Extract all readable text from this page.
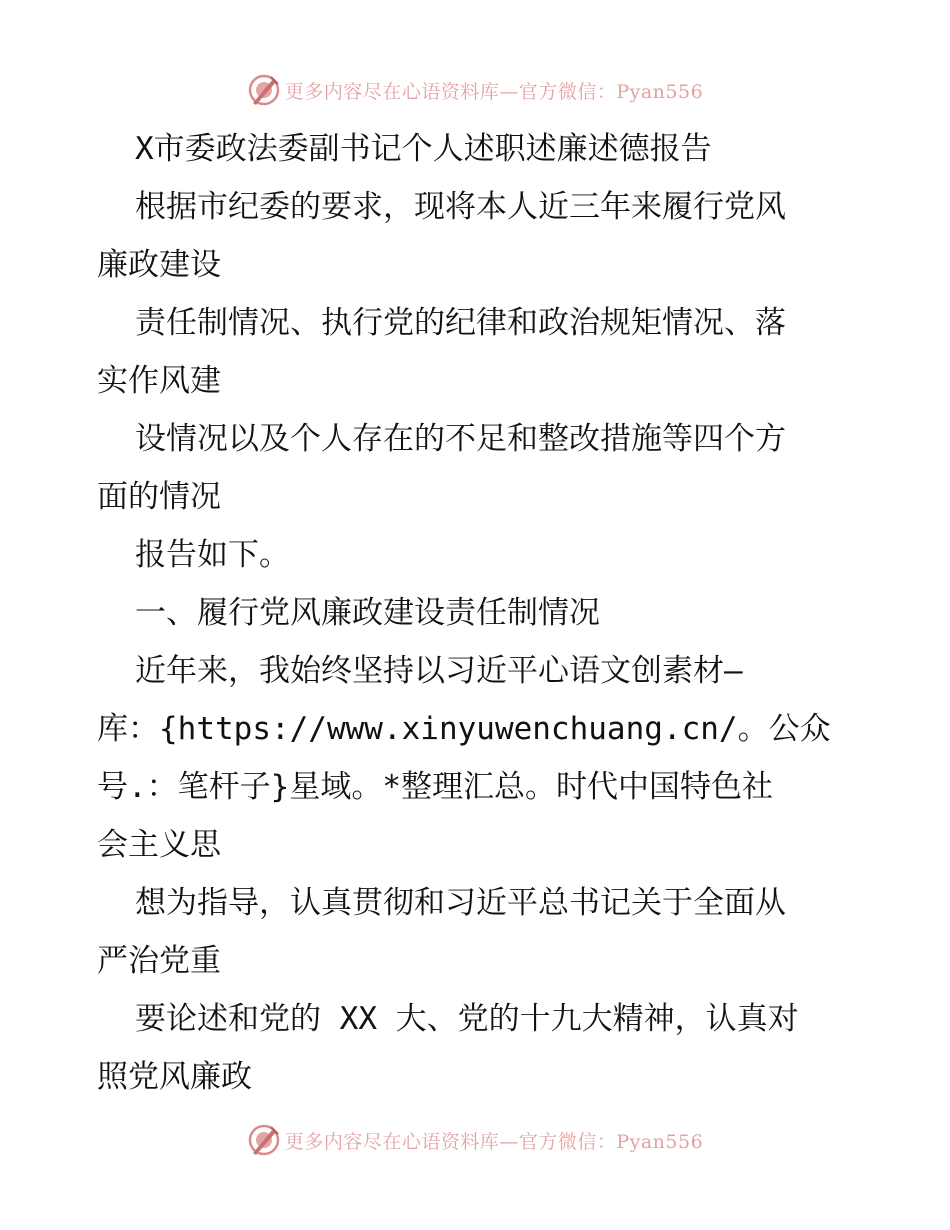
更多内容尽在心语资料库—官方微信：Pyan556
X市委政法委副书记个人述职述廉述德报告
根据市纪委的要求，现将本人近三年来履行党风
廉政建设
责任制情况、执行党的纪律和政治规矩情况、落
实作风建
设情况以及个人存在的不足和整改措施等四个方
面的情况
报告如下。
一、履行党风廉政建设责任制情况
近年来，我始终坚持以习近平心语文创素材—
库：{https://www.xinyuwenchuang.cn/。公众
号.：笔杆子}星域。*整理汇总。时代中国特色社
会主义思
想为指导，认真贯彻和习近平总书记关于全面从
严治党重
要论述和党的 XX 大、党的十九大精神，认真对
照党风廉政
更多内容尽在心语资料库—官方微信：Pyan556
